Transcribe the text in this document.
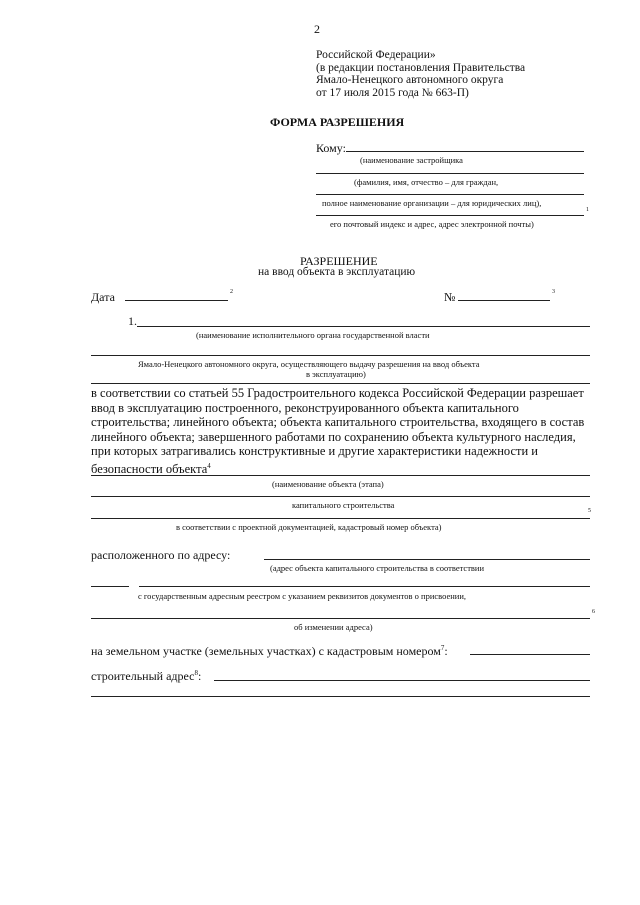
2
Российской Федерации»
(в редакции постановления Правительства
Ямало-Ненецкого автономного округа
от 17 июля 2015 года № 663-П)
ФОРМА РАЗРЕШЕНИЯ
Кому:
(наименование застройщика
(фамилия, имя, отчество – для граждан,
полное наименование организации – для юридических лиц),
1
его почтовый индекс и адрес, адрес электронной почты)
РАЗРЕШЕНИЕ
на ввод объекта в эксплуатацию
Дата	2	№	3
1.
(наименование исполнительного органа государственной власти
Ямало-Ненецкого автономного округа, осуществляющего выдачу разрешения на ввод объекта
в эксплуатацию)
в соответствии со статьей 55 Градостроительного кодекса Российской Федерации разрешает
ввод в эксплуатацию построенного, реконструированного объекта капитального
строительства; линейного объекта; объекта капитального строительства, входящего в состав
линейного объекта; завершенного работами по сохранению объекта культурного наследия,
при которых затрагивались конструктивные и другие характеристики надежности и
безопасности объекта$^4$
(наименование объекта (этапа)
капитального строительства
5
в соответствии с проектной документацией, кадастровый номер объекта)
расположенного по адресу:
(адрес объекта капитального строительства в соответствии
с государственным адресным реестром с указанием реквизитов документов о присвоении,
6
об изменении адреса)
на земельном участке (земельных участках) с кадастровым номером$^7$:
строительный адрес$^8$:
